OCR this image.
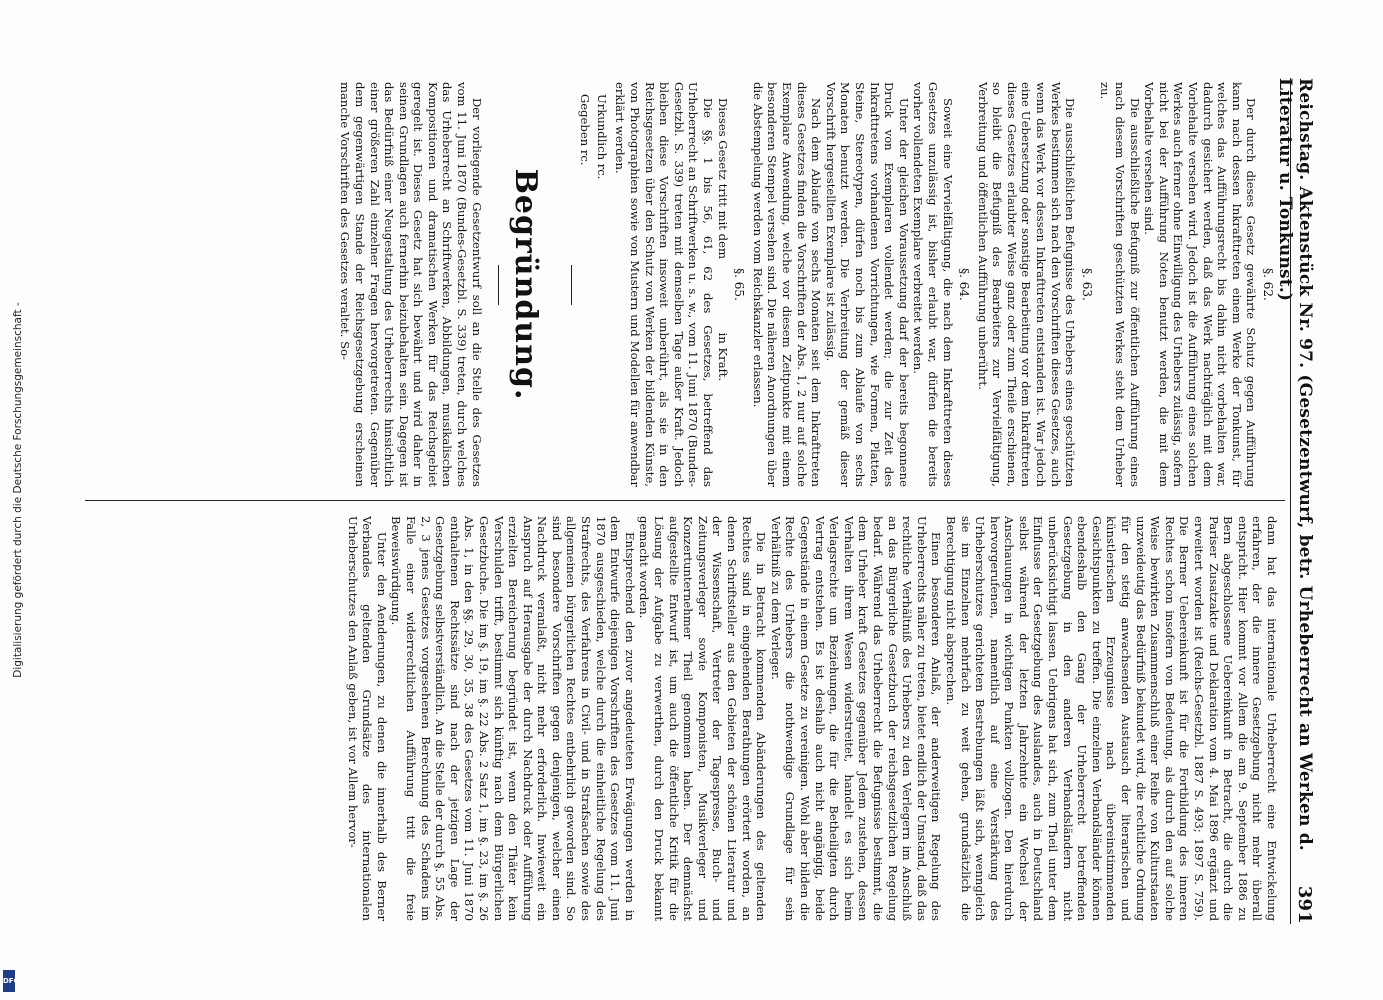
Reichstag. Aktenstück Nr. 97. (Gesetzentwurf, betr. Urheberrecht an Werken d. Literatur u. Tonkunst.)
391

§. 62.

Der durch dieses Gesetz gewährte Schutz gegen Aufführung kann nach dessen Inkrafttreten einem Werke der Tonkunst, für welches das Aufführungsrecht bis dahin nicht vorbehalten war, dadurch gesichert werden, daß das Werk nachträglich mit dem Vorbehalte versehen wird. Jedoch ist die Aufführung eines solchen Werkes auch ferner ohne Einwilligung des Urhebers zulässig, sofern nicht bei der Aufführung Noten benutzt werden, die mit dem Vorbehalte versehen sind.

Die ausschließliche Befugniß zur öffentlichen Aufführung eines nach diesem Vorschriften geschützten Werkes steht dem Urheber zu.

§. 63.

Die ausschließlichen Befugnisse des Urhebers eines geschützten Werkes bestimmen sich nach den Vorschriften dieses Gesetzes, auch wenn das Werk vor dessen Inkrafttreten entstanden ist. War jedoch eine Uebersetzung oder sonstige Bearbeitung vor dem Inkrafttreten dieses Gesetzes erlaubter Weise ganz oder zum Theile erschienen, so bleibt die Befugniß des Bearbeiters zur Vervielfältigung, Verbreitung und öffentlichen Aufführung unberührt.

§. 64.

Soweit eine Vervielfältigung, die nach dem Inkrafttreten dieses Gesetzes unzulässig ist, bisher erlaubt war, dürfen die bereits vorher vollendeten Exemplare verbreitet werden.

Unter der gleichen Voraussetzung darf der bereits begonnene Druck von Exemplaren vollendet werden; die zur Zeit des Inkrafttretens vorhandenen Vorrichtungen, wie Formen, Platten, Steine, Stereotypen, dürfen noch bis zum Ablaufe von sechs Monaten benutzt werden. Die Verbreitung der gemäß dieser Vorschrift hergestellten Exemplare ist zulässig.

Nach dem Ablaufe von sechs Monaten seit dem Inkrafttreten dieses Gesetzes finden die Vorschriften der Abs. 1, 2 nur auf solche Exemplare Anwendung, welche vor diesem Zeitpunkte mit einem besonderen Stempel versehen sind. Die näheren Anordnungen über die Abstempelung werden vom Reichskanzler erlassen.

§. 65.

Dieses Gesetz tritt mit dem                    in Kraft.

Die §§. 1 bis 56, 61, 62 des Gesetzes, betreffend das Urheberrecht an Schriftwerken u. s. w., vom 11. Juni 1870 (Bundes-Gesetzbl. S. 339) treten mit demselben Tage außer Kraft. Jedoch bleiben diese Vorschriften insoweit unberührt, als sie in den Reichsgesetzen über den Schutz von Werken der bildenden Künste, von Photographien sowie von Mustern und Modellen für anwendbar erklärt werden.

Urkundlich rc.

Gegeben rc.

Begründung.

Der vorliegende Gesetzentwurf soll an die Stelle des Gesetzes vom 11. Juni 1870 (Bundes-Gesetzbl. S. 339) treten, durch welches das Urheberrecht an Schriftwerken, Abbildungen, musikalischen Kompositionen und dramatischen Werken für das Reichsgebiet geregelt ist. Dieses Gesetz hat sich bewährt und wird daher in seinen Grundlagen auch fernerhin beizubehalten sein. Dagegen ist das Bedürfniß einer Neugestaltung des Urheberrechts hinsichtlich einer größeren Zahl einzelner Fragen hervorgetreten. Gegenüber dem gegenwärtigen Stande der Reichsgesetzgebung erscheinen manche Vorschriften des Gesetzes veraltet. So-

dann hat das internationale Urheberrecht eine Entwickelung erfahren, der die innere Gesetzgebung nicht mehr überall entspricht. Hier kommt vor Allem die am 9. September 1886 zu Bern abgeschlossene Uebereinkunft in Betracht, die durch die Pariser Zusatzakte und Deklaration vom 4. Mai 1896 ergänzt und erweitert worden ist (Reichs-Gesetzbl. 1887 S. 493; 1897 S. 759). Die Berner Uebereinkunft ist für die Fortbildung des inneren Rechtes schon insofern von Bedeutung, als durch den auf solche Weise bewirkten Zusammenschluß einer Reihe von Kulturstaaten unzweideutig das Bedürfniß bekundet wird, die rechtliche Ordnung für den stetig anwachsenden Austausch der literarischen und künstlerischen Erzeugnisse nach übereinstimmenden Gesichtspunkten zu treffen. Die einzelnen Verbandsländer können ebendeshalb den Gang der Urheberrecht betreffenden Gesetzgebung in den anderen Verbandsländern nicht unberücksichtigt lassen. Uebrigens hat sich, zum Theil unter dem Einflusse der Gesetzgebung des Auslandes, auch in Deutschland selbst während der letzten Jahrzehnte ein Wechsel der Anschauungen in wichtigen Punkten vollzogen. Den hierdurch hervorgerufenen, namentlich auf eine Verstärkung des Urheberschutzes gerichteten Bestrebungen läßt sich, wenngleich sie im Einzelnen mehrfach zu weit gehen, grundsätzlich die Berechtigung nicht absprechen.

Einen besonderen Anlaß, der anderweitigen Regelung des Urheberrechts näher zu treten, bietet endlich der Umstand, daß das rechtliche Verhältniß des Urhebers zu den Verlegern im Anschluß an das Bürgerliche Gesetzbuch der reichsgesetzlichen Regelung bedarf. Während das Urheberrecht die Befugnisse bestimmt, die dem Urheber kraft Gesetzes gegenüber Jedem zustehen, dessen Verhalten ihrem Wesen widerstreitet, handelt es sich beim Verlagsrechte um Beziehungen, die für die Betheiligten durch Vertrag entstehen. Es ist deshalb auch nicht angängig, beide Gegenstände in einem Gesetze zu vereinigen. Wohl aber bilden die Rechte des Urhebers die nothwendige Grundlage für sein Verhältniß zu dem Verleger.

Die in Betracht kommenden Abänderungen des geltenden Rechtes sind in eingehenden Berathungen erörtert worden, an denen Schriftsteller aus den Gebieten der schönen Literatur und der Wissenschaft, Vertreter der Tagespresse, Buch- und Zeitungsverleger sowie Komponisten, Musikverleger und Konzertunternehmer Theil genommen haben. Der demnächst aufgestellte Entwurf ist, um auch die öffentliche Kritik für die Lösung der Aufgabe zu verwerthen, durch den Druck bekannt gemacht worden.

Entsprechend den zuvor angedeuteten Erwägungen werden in dem Entwurfe diejenigen Vorschriften des Gesetzes vom 11. Juni 1870 ausgeschieden, welche durch die einheitliche Regelung des Strafrechts, des Verfahrens in Civil- und in Strafsachen sowie des allgemeinen bürgerlichen Rechtes entbehrlich geworden sind. So sind besondere Vorschriften gegen denjenigen, welcher einen Nachdruck veranlaßt, nicht mehr erforderlich. Inwieweit ein Anspruch auf Herausgabe der durch Nachdruck oder Aufführung erzielten Bereicherung begründet ist, wenn den Thäter kein Verschulden trifft, bestimmt sich künftig nach dem Bürgerlichen Gesetzbuche. Die im §. 19, im §. 22 Abs. 2 Satz 1, im §. 23, im §. 26 Abs. 1, in den §§. 29, 30, 35, 38 des Gesetzes vom 11. Juni 1870 enthaltenen Rechtssätze sind nach der jetzigen Lage der Gesetzgebung selbstverständlich. An die Stelle der durch §. 55 Abs. 2, 3 jenes Gesetzes vorgesehenen Berechnung des Schadens im Falle einer widerrechtlichen Aufführung tritt die freie Beweiswürdigung.

Unter den Aenderungen, zu denen die innerhalb des Berner Verbandes geltenden Grundsätze des internationalen Urheberschutzes den Anlaß geben, ist vor Allem hervor-

Digitalisierung gefördert durch die Deutsche Forschungsgemeinschaft -
DFG
